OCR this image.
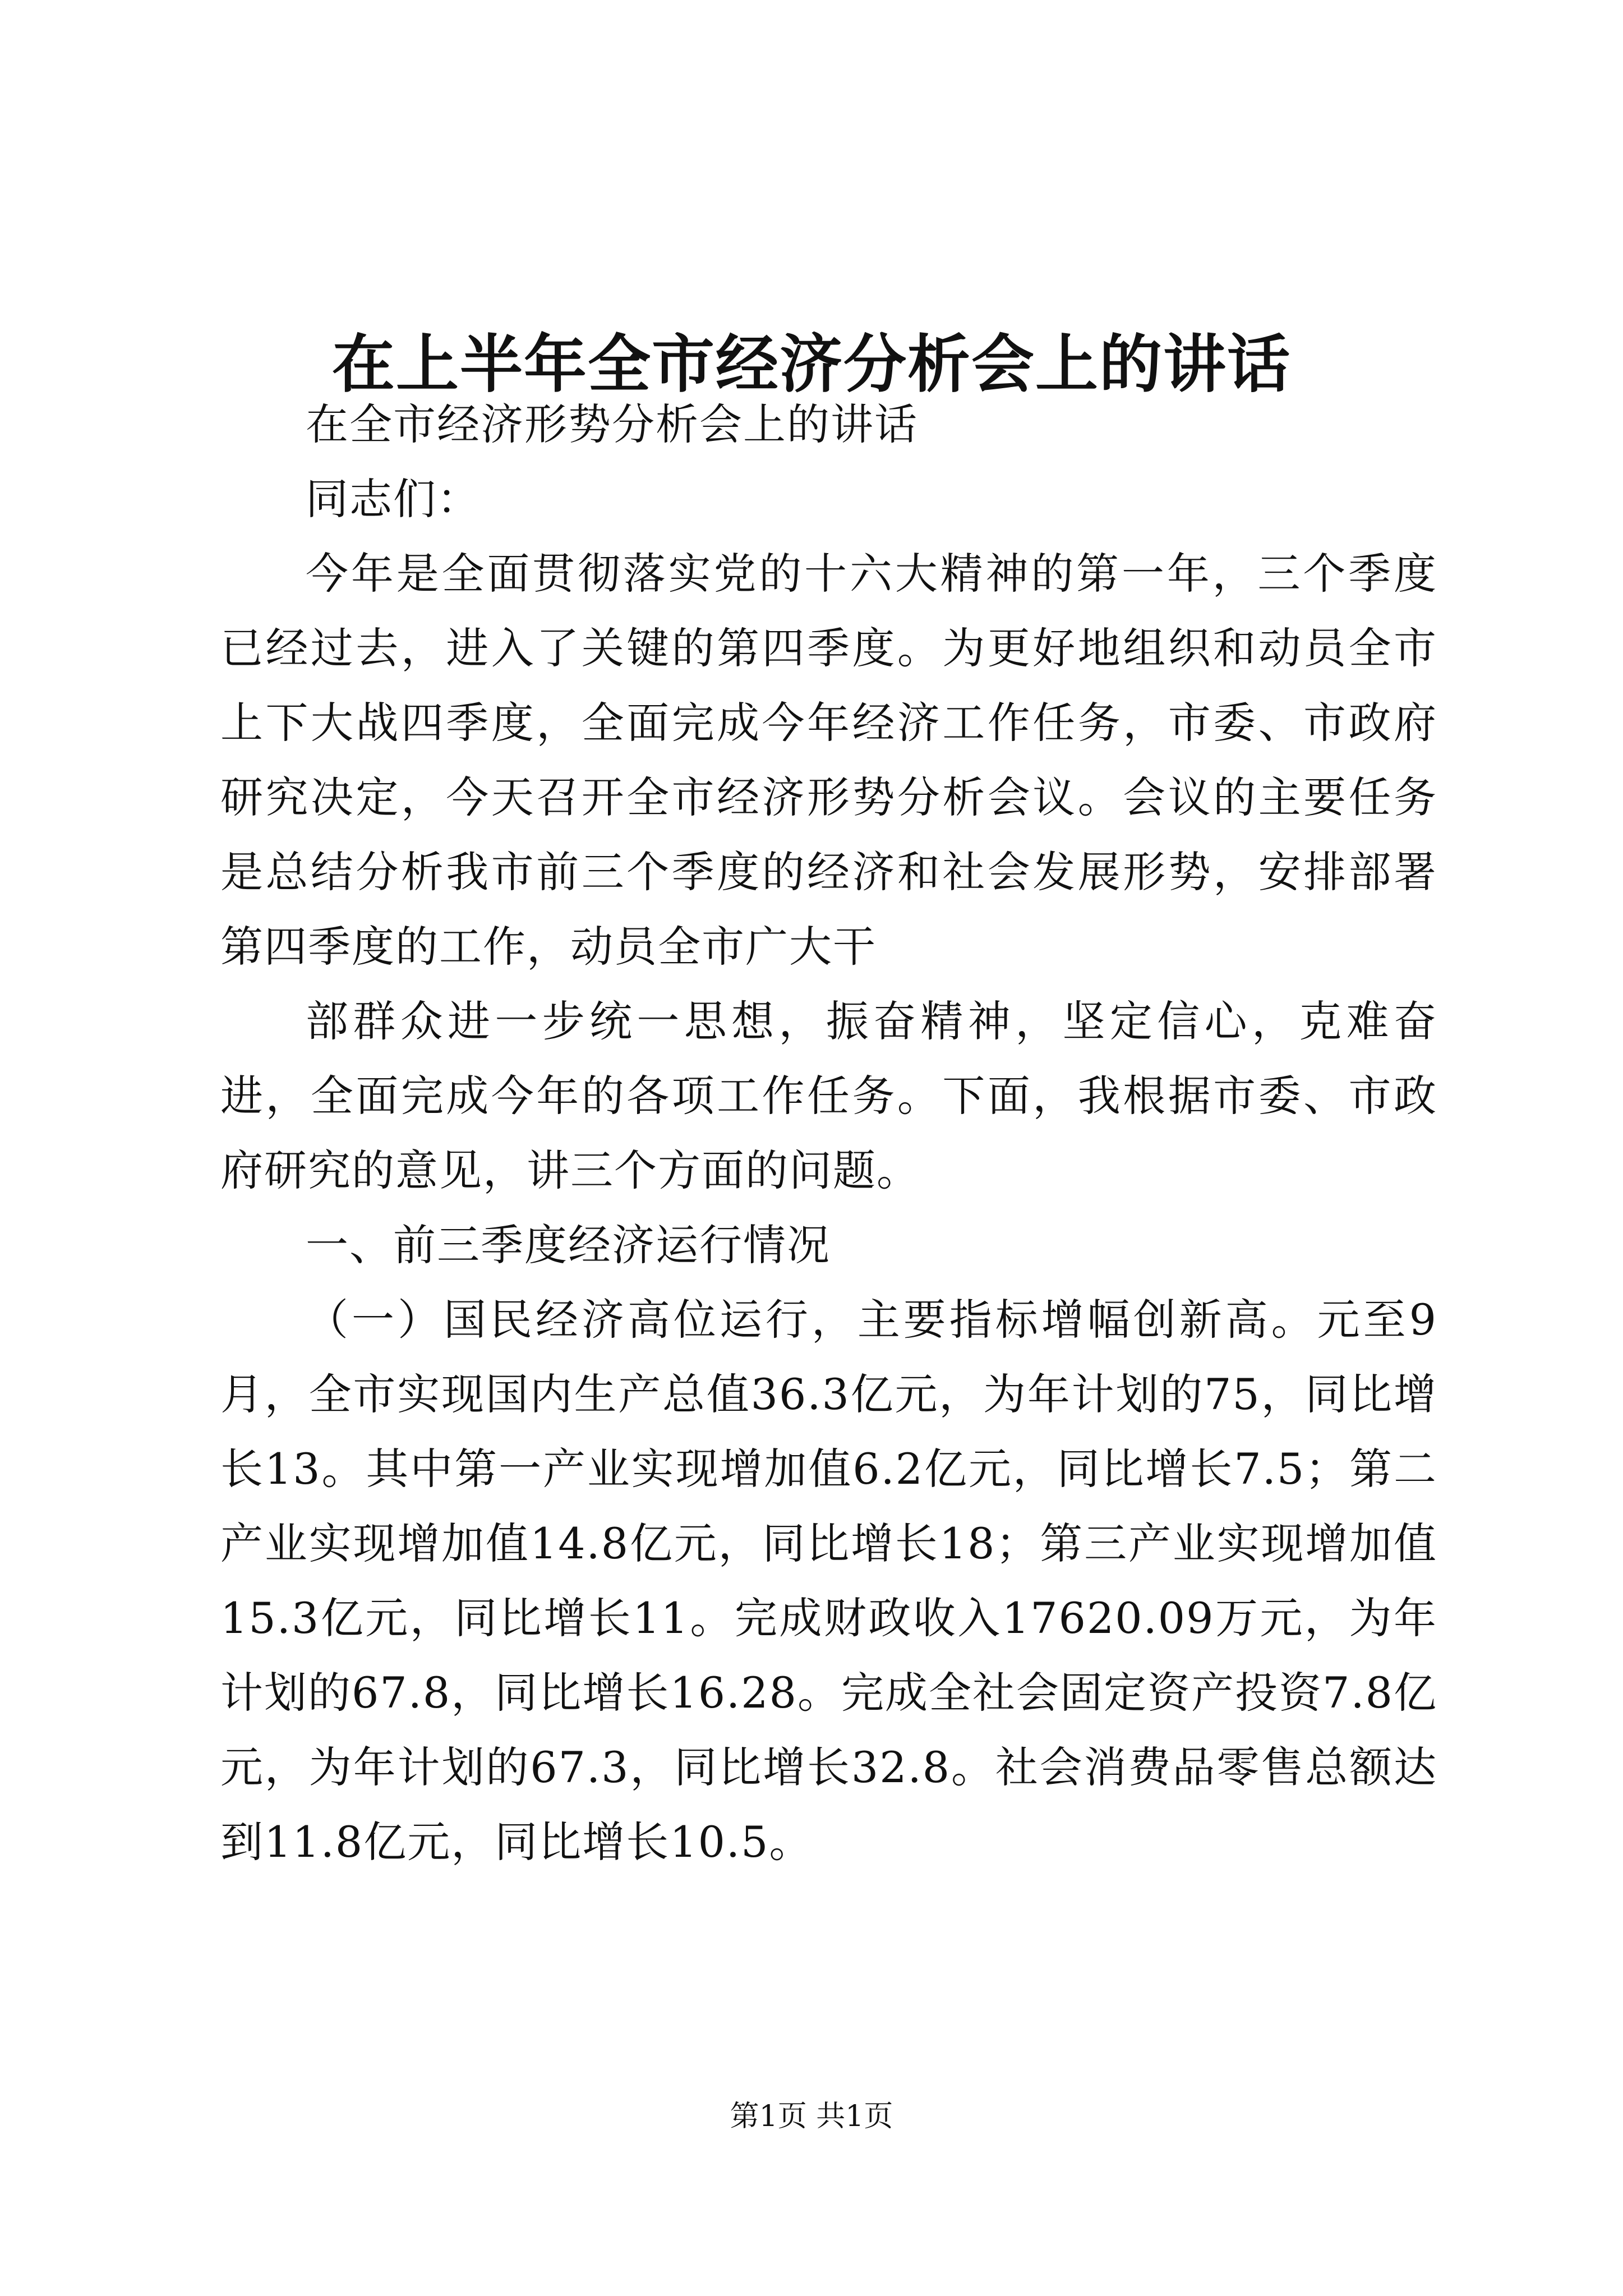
在上半年全市经济分析会上的讲话

在全市经济形势分析会上的讲话

同志们：

今年是全面贯彻落实党的十六大精神的第一年，三个季度已经过去，进入了关键的第四季度。为更好地组织和动员全市上下大战四季度，全面完成今年经济工作任务，市委、市政府研究决定，今天召开全市经济形势分析会议。会议的主要任务是总结分析我市前三个季度的经济和社会发展形势，安排部署第四季度的工作，动员全市广大干

部群众进一步统一思想，振奋精神，坚定信心，克难奋进，全面完成今年的各项工作任务。下面，我根据市委、市政府研究的意见，讲三个方面的问题。

一、前三季度经济运行情况

（一）国民经济高位运行，主要指标增幅创新高。元至9月，全市实现国内生产总值36.3亿元，为年计划的75，同比增长13。其中第一产业实现增加值6.2亿元，同比增长7.5；第二产业实现增加值14.8亿元，同比增长18；第三产业实现增加值15.3亿元，同比增长11。完成财政收入17620.09万元，为年计划的67.8，同比增长16.28。完成全社会固定资产投资7.8亿元，为年计划的67.3，同比增长32.8。社会消费品零售总额达到11.8亿元，同比增长10.5。

第1页 共1页
